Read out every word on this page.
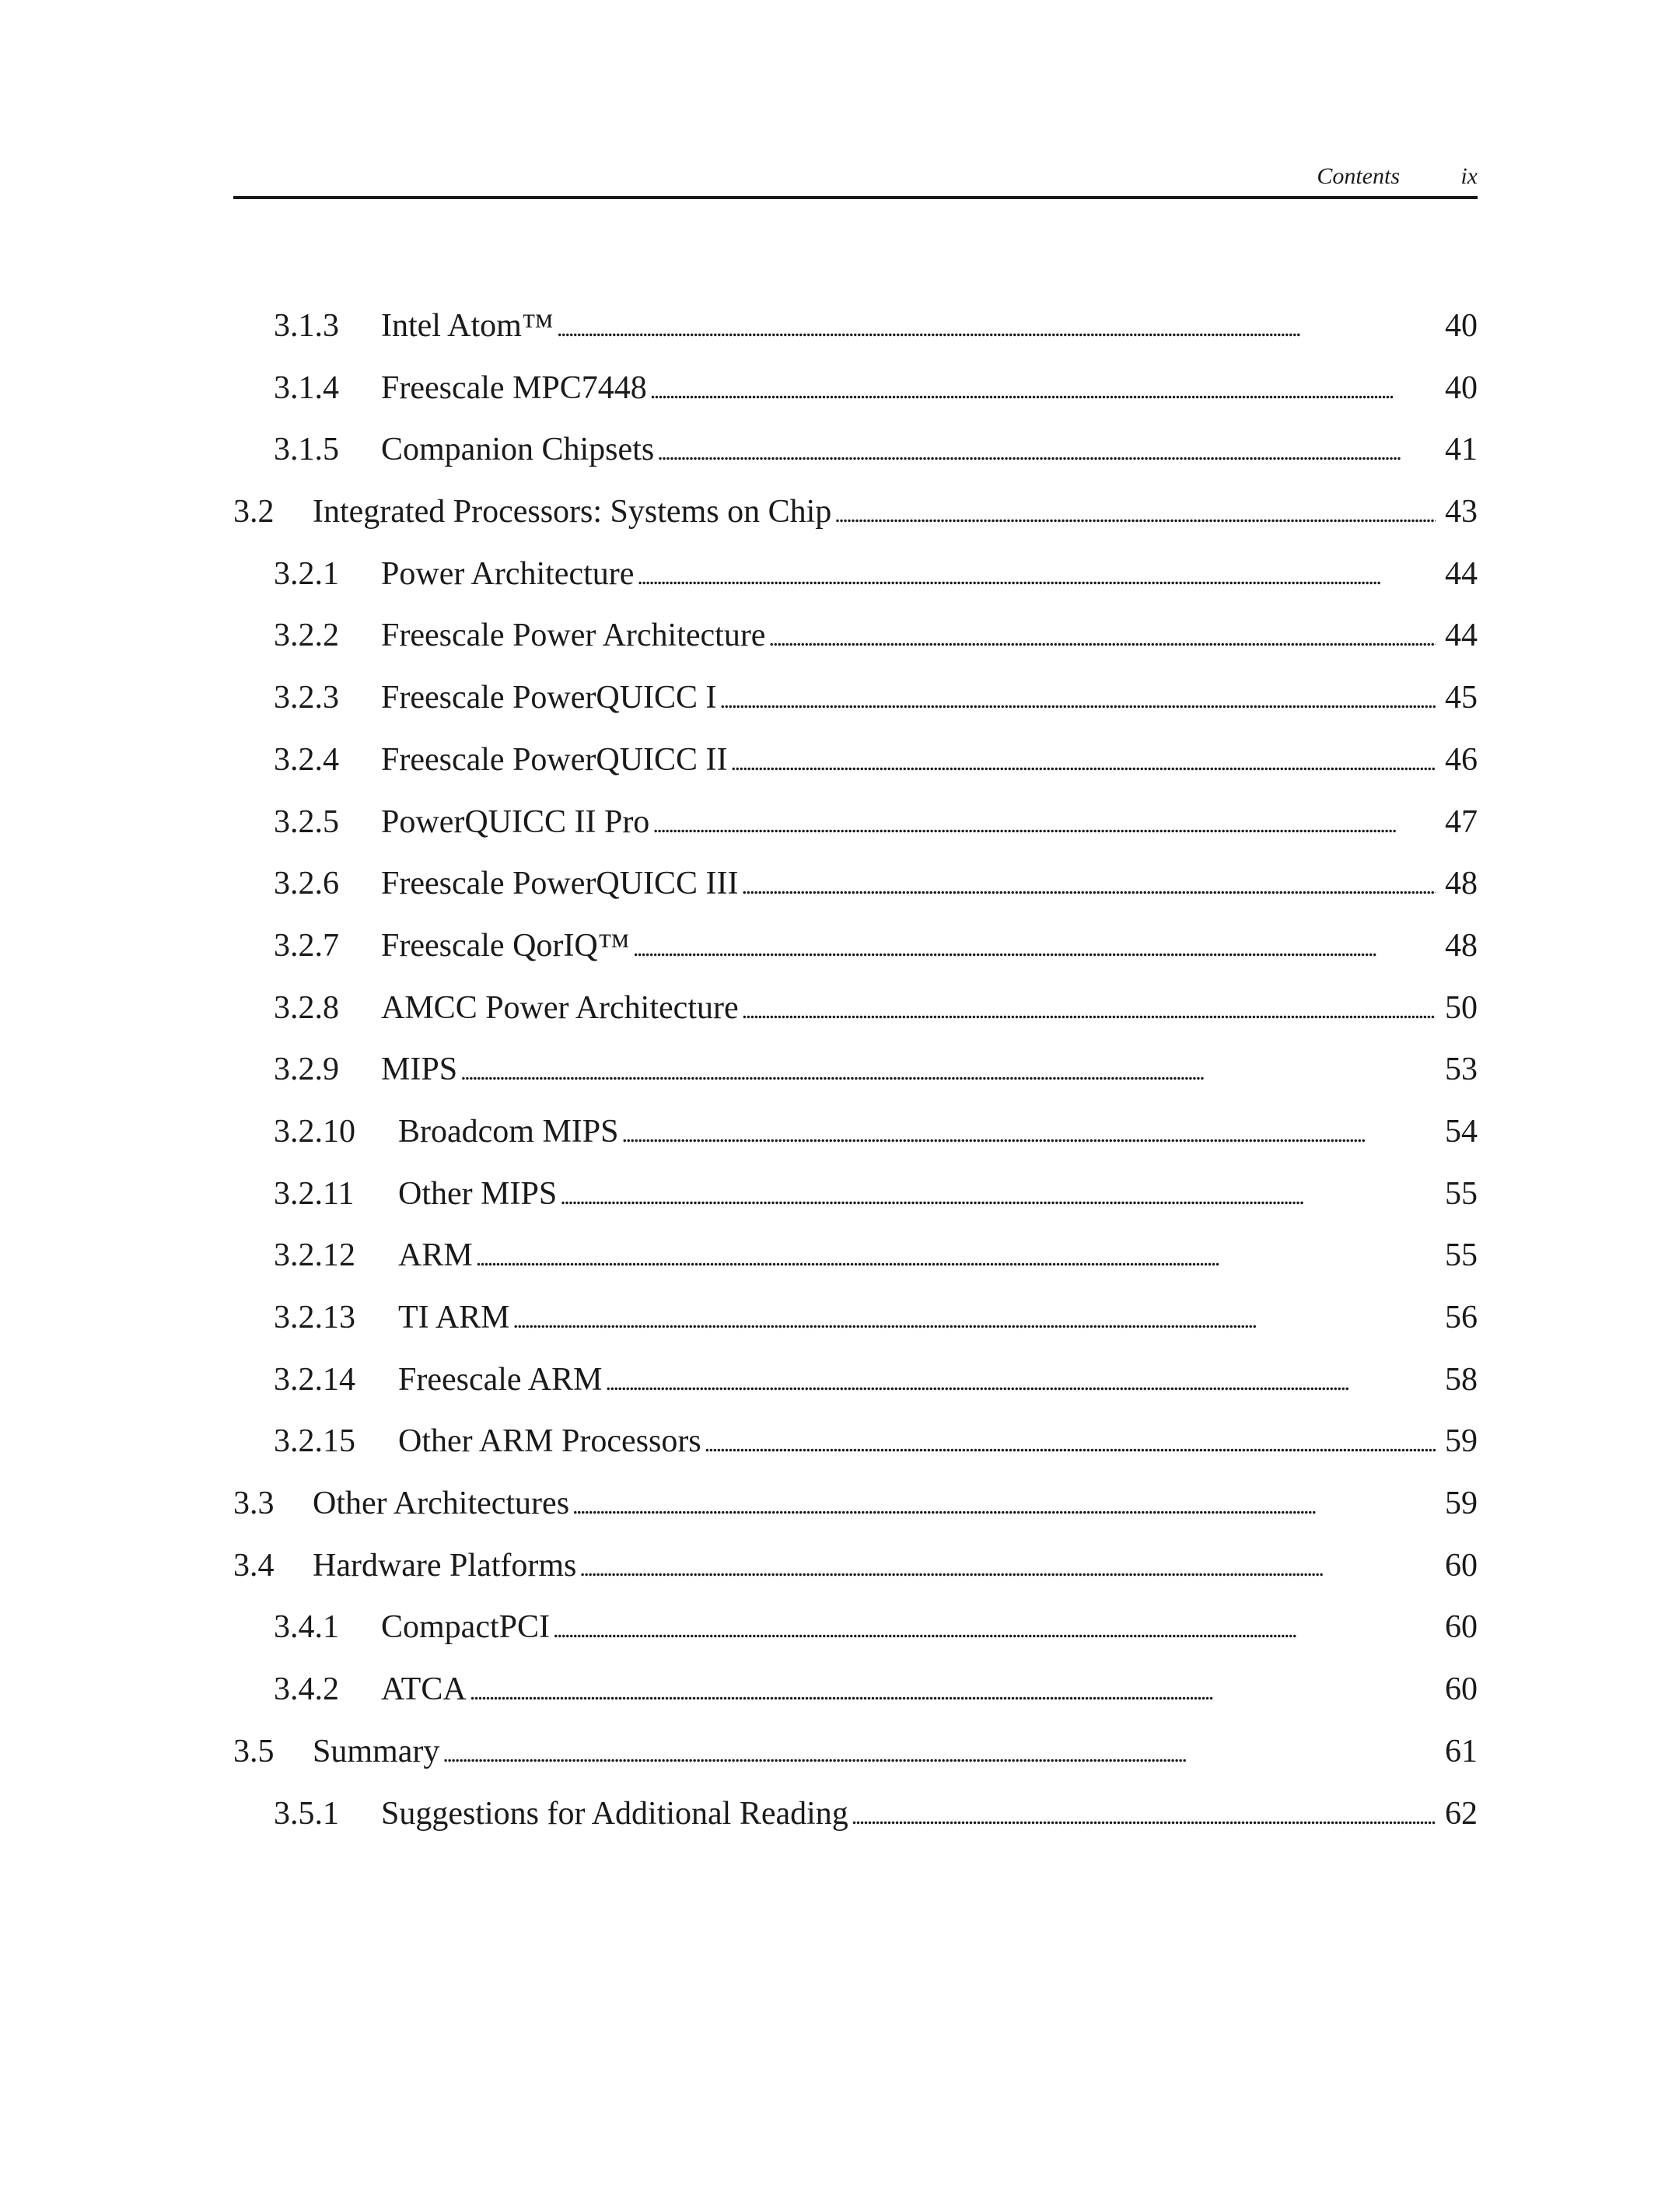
Contents	ix
3.1.3	Intel Atom™ . . .	40
3.1.4	Freescale MPC7448 . . .	40
3.1.5	Companion Chipsets . . .	41
3.2	Integrated Processors: Systems on Chip . . .	43
3.2.1	Power Architecture . . .	44
3.2.2	Freescale Power Architecture . . .	44
3.2.3	Freescale PowerQUICC I . . .	45
3.2.4	Freescale PowerQUICC II . . .	46
3.2.5	PowerQUICC II Pro . . .	47
3.2.6	Freescale PowerQUICC III . . .	48
3.2.7	Freescale QorIQ™ . . .	48
3.2.8	AMCC Power Architecture . . .	50
3.2.9	MIPS . . .	53
3.2.10	Broadcom MIPS . . .	54
3.2.11	Other MIPS . . .	55
3.2.12	ARM . . .	55
3.2.13	TI ARM . . .	56
3.2.14	Freescale ARM . . .	58
3.2.15	Other ARM Processors . . .	59
3.3	Other Architectures . . .	59
3.4	Hardware Platforms . . .	60
3.4.1	CompactPCI . . .	60
3.4.2	ATCA . . .	60
3.5	Summary . . .	61
3.5.1	Suggestions for Additional Reading . . .	62
